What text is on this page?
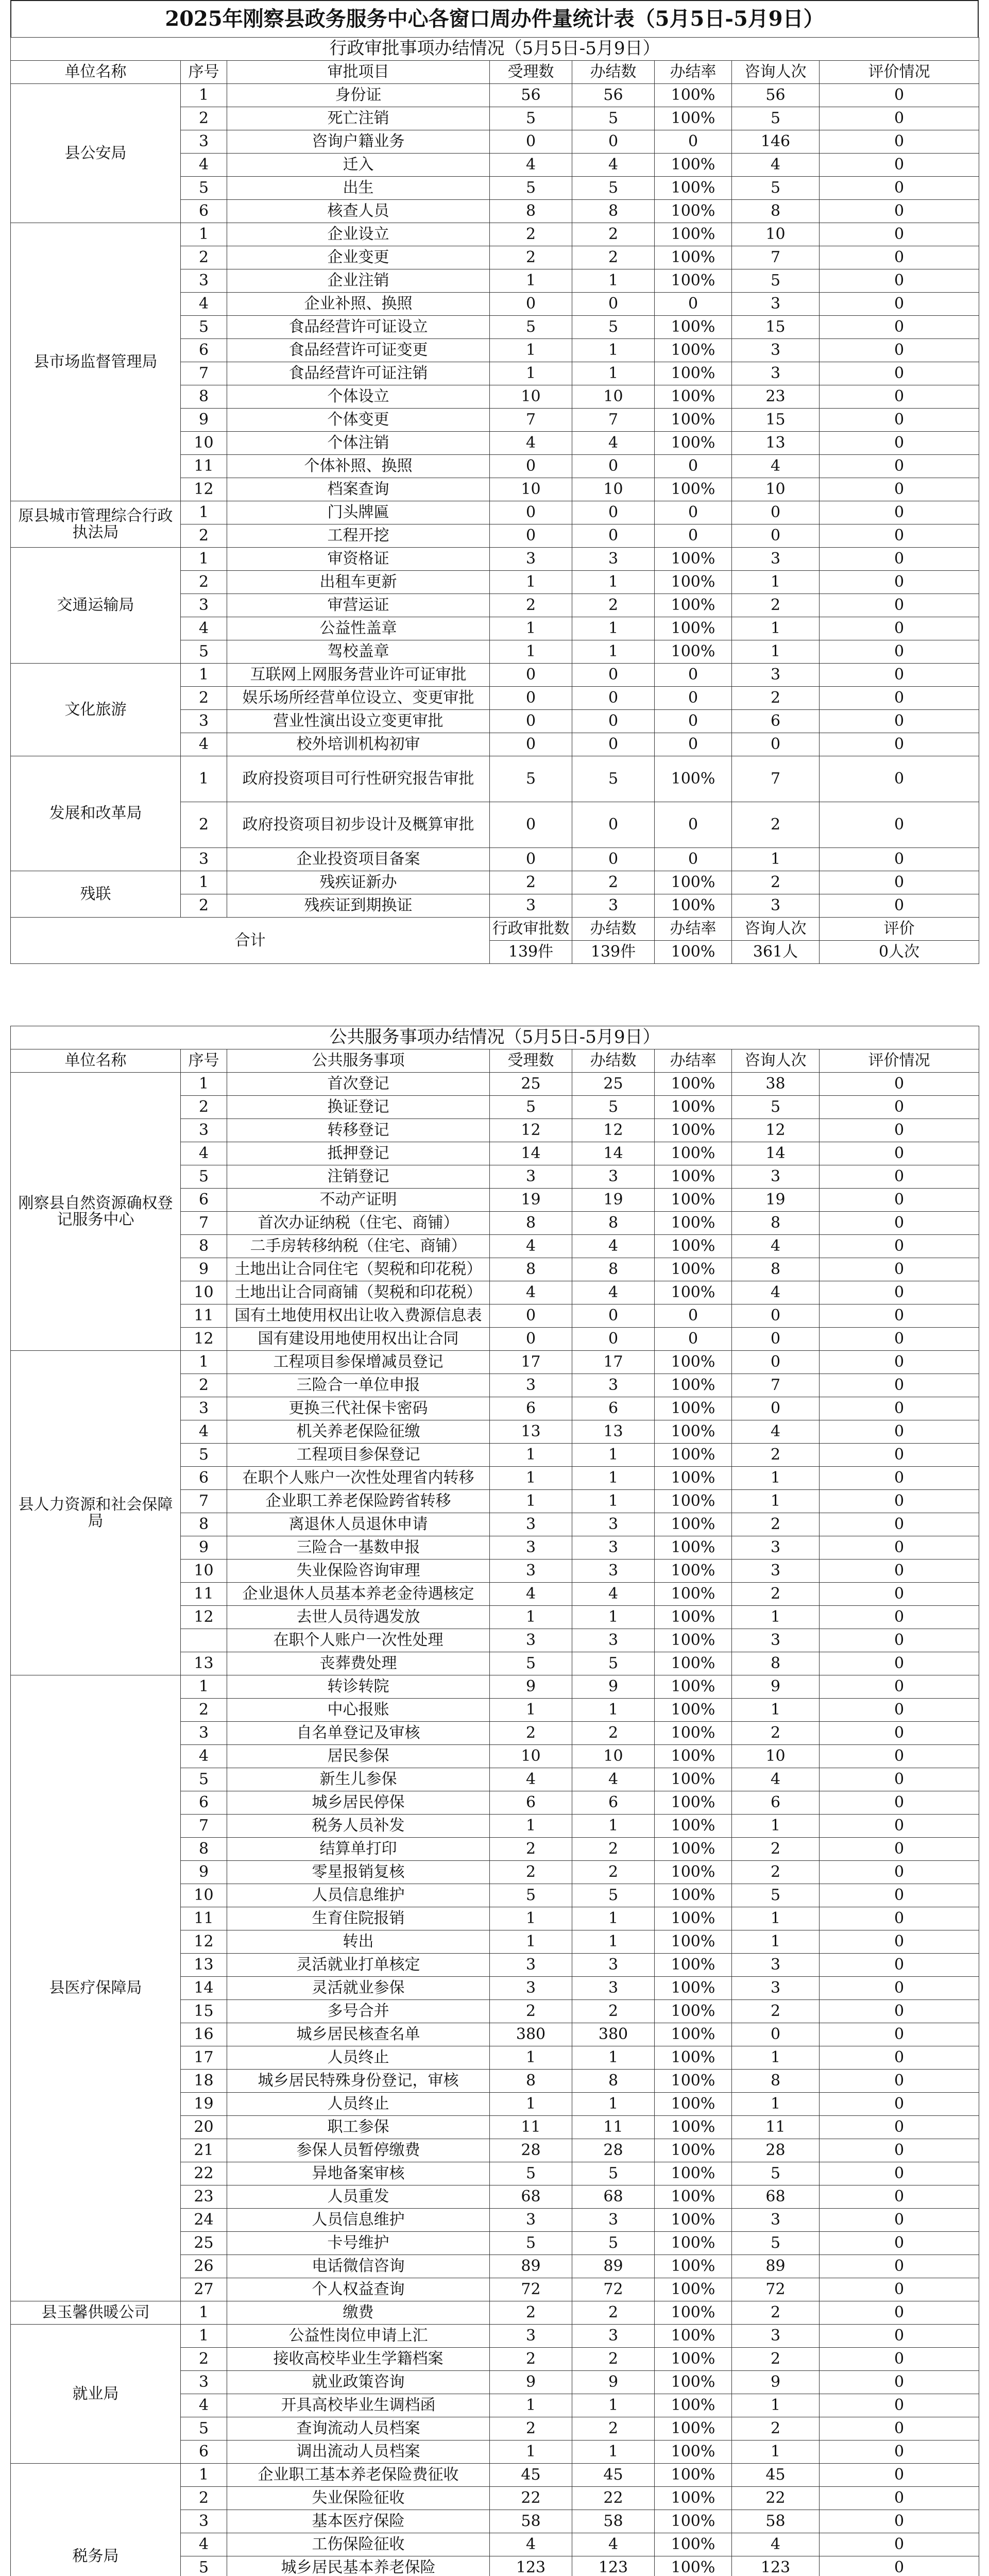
2025年刚察县政务服务中心各窗口周办件量统计表（5月5日-5月9日）
行政审批事项办结情况（5月5日-5月9日）							
单位名称	序号	审批项目	受理数	办结数	办结率	咨询人次	评价情况
县公安局	1	身份证	56	56	100%	56	0
	2	死亡注销	5	5	100%	5	0
	3	咨询户籍业务	0	0	0	146	0
	4	迁入	4	4	100%	4	0
	5	出生	5	5	100%	5	0
	6	核查人员	8	8	100%	8	0
县市场监督管理局	1	企业设立	2	2	100%	10	0
	2	企业变更	2	2	100%	7	0
	3	企业注销	1	1	100%	5	0
	4	企业补照、换照	0	0	0	3	0
	5	食品经营许可证设立	5	5	100%	15	0
	6	食品经营许可证变更	1	1	100%	3	0
	7	食品经营许可证注销	1	1	100%	3	0
	8	个体设立	10	10	100%	23	0
	9	个体变更	7	7	100%	15	0
	10	个体注销	4	4	100%	13	0
	11	个体补照、换照	0	0	0	4	0
	12	档案查询	10	10	100%	10	0
原县城市管理综合行政执法局	1	门头牌匾	0	0	0	0	0
	2	工程开挖	0	0	0	0	0
交通运输局	1	审资格证	3	3	100%	3	0
	2	出租车更新	1	1	100%	1	0
	3	审营运证	2	2	100%	2	0
	4	公益性盖章	1	1	100%	1	0
	5	驾校盖章	1	1	100%	1	0
文化旅游	1	互联网上网服务营业许可证审批	0	0	0	3	0
	2	娱乐场所经营单位设立、变更审批	0	0	0	2	0
	3	营业性演出设立变更审批	0	0	0	6	0
	4	校外培训机构初审	0	0	0	0	0
发展和改革局	1	政府投资项目可行性研究报告审批	5	5	100%	7	0
	2	政府投资项目初步设计及概算审批	0	0	0	2	0
	3	企业投资项目备案	0	0	0	1	0
残联	1	残疾证新办	2	2	100%	2	0
	2	残疾证到期换证	3	3	100%	3	0
合计			行政审批数	办结数	办结率	咨询人次	评价
			139件	139件	100%	361人	0人次
公共服务事项办结情况（5月5日-5月9日）							
单位名称	序号	公共服务事项	受理数	办结数	办结率	咨询人次	评价情况
刚察县自然资源确权登记服务中心	1	首次登记	25	25	100%	38	0
	2	换证登记	5	5	100%	5	0
	3	转移登记	12	12	100%	12	0
	4	抵押登记	14	14	100%	14	0
	5	注销登记	3	3	100%	3	0
	6	不动产证明	19	19	100%	19	0
	7	首次办证纳税（住宅、商铺）	8	8	100%	8	0
	8	二手房转移纳税（住宅、商铺）	4	4	100%	4	0
	9	土地出让合同住宅（契税和印花税）	8	8	100%	8	0
	10	土地出让合同商铺（契税和印花税）	4	4	100%	4	0
	11	国有土地使用权出让收入费源信息表	0	0	0	0	0
	12	国有建设用地使用权出让合同	0	0	0	0	0
县人力资源和社会保障局	1	工程项目参保增减员登记	17	17	100%	0	0
	2	三险合一单位申报	3	3	100%	7	0
	3	更换三代社保卡密码	6	6	100%	0	0
	4	机关养老保险征缴	13	13	100%	4	0
	5	工程项目参保登记	1	1	100%	2	0
	6	在职个人账户一次性处理省内转移	1	1	100%	1	0
	7	企业职工养老保险跨省转移	1	1	100%	1	0
	8	离退休人员退休申请	3	3	100%	2	0
	9	三险合一基数申报	3	3	100%	3	0
	10	失业保险咨询审理	3	3	100%	3	0
	11	企业退休人员基本养老金待遇核定	4	4	100%	2	0
	12	去世人员待遇发放	1	1	100%	1	0
		在职个人账户一次性处理	3	3	100%	3	0
	13	丧葬费处理	5	5	100%	8	0
县医疗保障局	1	转诊转院	9	9	100%	9	0
	2	中心报账	1	1	100%	1	0
	3	自名单登记及审核	2	2	100%	2	0
	4	居民参保	10	10	100%	10	0
	5	新生儿参保	4	4	100%	4	0
	6	城乡居民停保	6	6	100%	6	0
	7	税务人员补发	1	1	100%	1	0
	8	结算单打印	2	2	100%	2	0
	9	零星报销复核	2	2	100%	2	0
	10	人员信息维护	5	5	100%	5	0
	11	生育住院报销	1	1	100%	1	0
	12	转出	1	1	100%	1	0
	13	灵活就业打单核定	3	3	100%	3	0
	14	灵活就业参保	3	3	100%	3	0
	15	多号合并	2	2	100%	2	0
	16	城乡居民核查名单	380	380	100%	0	0
	17	人员终止	1	1	100%	1	0
	18	城乡居民特殊身份登记，审核	8	8	100%	8	0
	19	人员终止	1	1	100%	1	0
	20	职工参保	11	11	100%	11	0
	21	参保人员暂停缴费	28	28	100%	28	0
	22	异地备案审核	5	5	100%	5	0
	23	人员重发	68	68	100%	68	0
	24	人员信息维护	3	3	100%	3	0
	25	卡号维护	5	5	100%	5	0
	26	电话微信咨询	89	89	100%	89	0
	27	个人权益查询	72	72	100%	72	0
县玉馨供暖公司	1	缴费	2	2	100%	2	0
就业局	1	公益性岗位申请上汇	3	3	100%	3	0
	2	接收高校毕业生学籍档案	2	2	100%	2	0
	3	就业政策咨询	9	9	100%	9	0
	4	开具高校毕业生调档函	1	1	100%	1	0
	5	查询流动人员档案	2	2	100%	2	0
	6	调出流动人员档案	1	1	100%	1	0
税务局	1	企业职工基本养老保险费征收	45	45	100%	45	0
	2	失业保险征收	22	22	100%	22	0
	3	基本医疗保险	58	58	100%	58	0
	4	工伤保险征收	4	4	100%	4	0
	5	城乡居民基本养老保险	123	123	100%	123	0
